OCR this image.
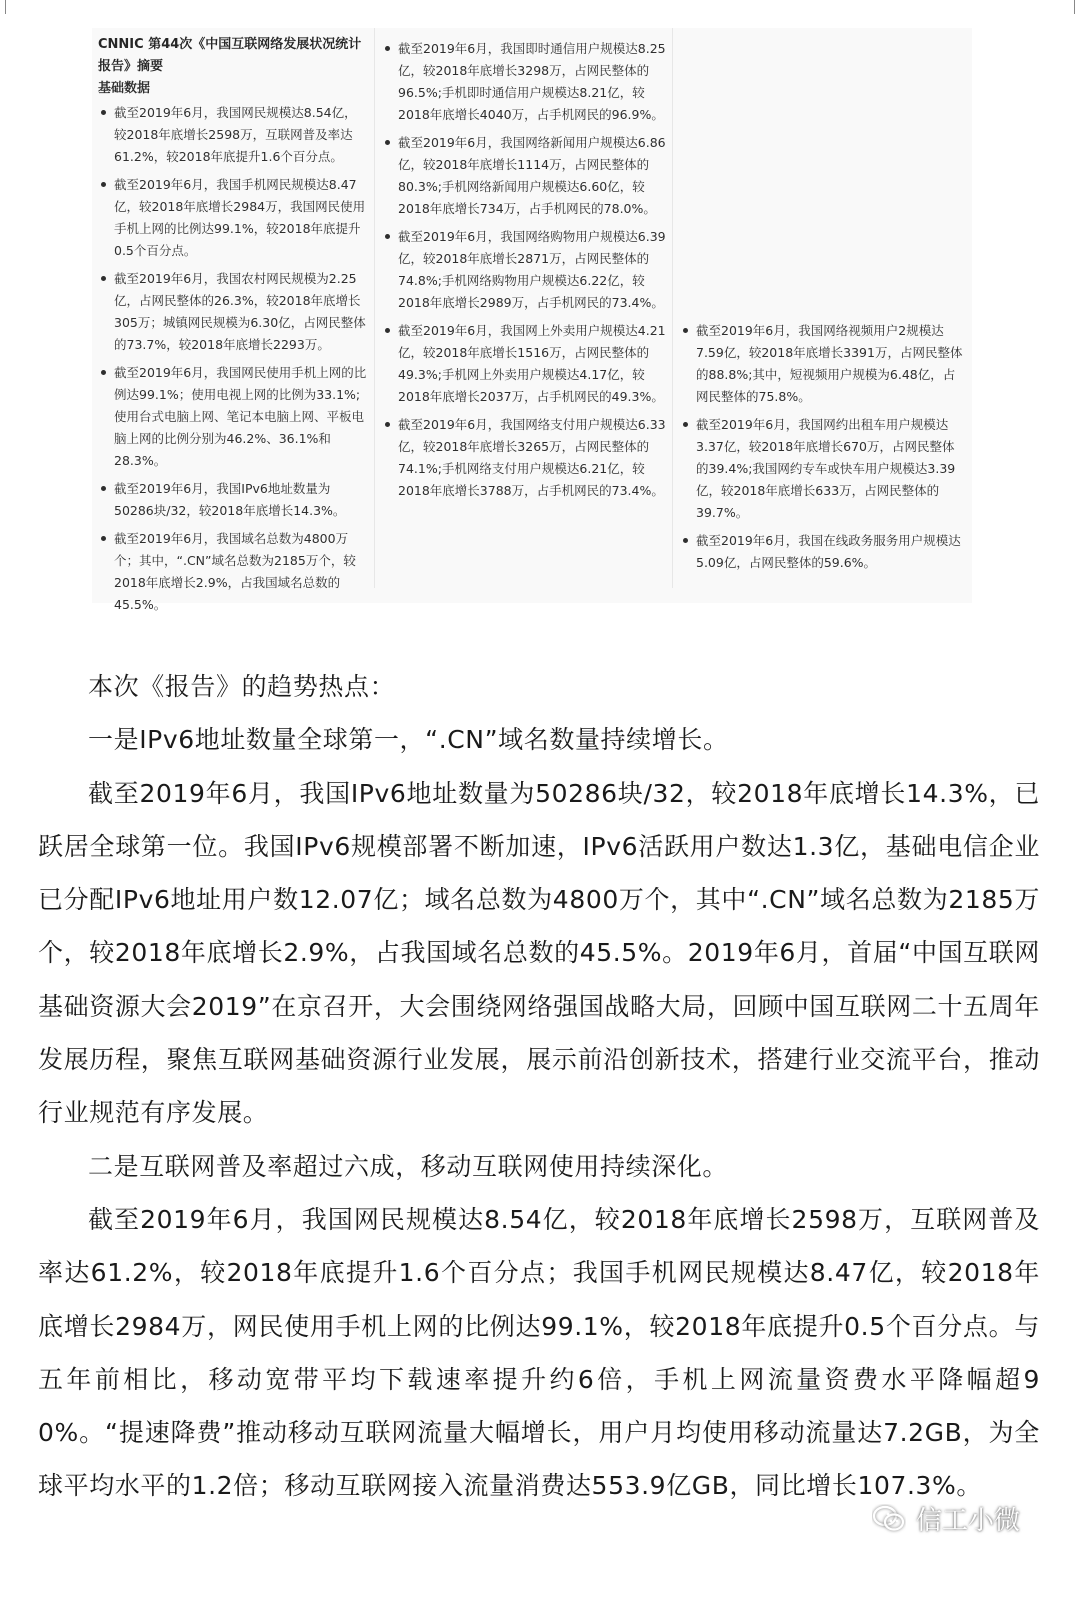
CNNIC 第44次《中国互联网络发展状况统计报告》摘要

基础数据

截至2019年6月，我国网民规模达8.54亿，较2018年底增长2598万，互联网普及率达61.2%，较2018年底提升1.6个百分点。
截至2019年6月，我国手机网民规模达8.47亿，较2018年底增长2984万，我国网民使用手机上网的比例达99.1%，较2018年底提升0.5个百分点。
截至2019年6月，我国农村网民规模为2.25亿，占网民整体的26.3%，较2018年底增长305万；城镇网民规模为6.30亿，占网民整体的73.7%，较2018年底增长2293万。
截至2019年6月，我国网民使用手机上网的比例达99.1%；使用电视上网的比例为33.1%;使用台式电脑上网、笔记本电脑上网、平板电脑上网的比例分别为46.2%、36.1%和28.3%。
截至2019年6月，我国IPv6地址数量为50286块/32，较2018年底增长14.3%。
截至2019年6月，我国域名总数为4800万个；其中，“.CN”域名总数为2185万个，较2018年底增长2.9%，占我国域名总数的45.5%。
截至2019年6月，我国即时通信用户规模达8.25亿，较2018年底增长3298万，占网民整体的96.5%;手机即时通信用户规模达8.21亿，较2018年底增长4040万，占手机网民的96.9%。
截至2019年6月，我国网络新闻用户规模达6.86亿，较2018年底增长1114万，占网民整体的80.3%;手机网络新闻用户规模达6.60亿，较2018年底增长734万，占手机网民的78.0%。
截至2019年6月，我国网络购物用户规模达6.39亿，较2018年底增长2871万，占网民整体的74.8%;手机网络购物用户规模达6.22亿，较2018年底增长2989万，占手机网民的73.4%。
截至2019年6月，我国网上外卖用户规模达4.21亿，较2018年底增长1516万，占网民整体的49.3%;手机网上外卖用户规模达4.17亿，较2018年底增长2037万，占手机网民的49.3%。
截至2019年6月，我国网络支付用户规模达6.33亿，较2018年底增长3265万，占网民整体的74.1%;手机网络支付用户规模达6.21亿，较2018年底增长3788万，占手机网民的73.4%。
截至2019年6月，我国网络视频用户2规模达7.59亿，较2018年底增长3391万，占网民整体的88.8%;其中，短视频用户规模为6.48亿，占网民整体的75.8%。
截至2019年6月，我国网约出租车用户规模达3.37亿，较2018年底增长670万，占网民整体的39.4%;我国网约专车或快车用户规模达3.39亿，较2018年底增长633万，占网民整体的39.7%。
截至2019年6月，我国在线政务服务用户规模达5.09亿，占网民整体的59.6%。

本次《报告》的趋势热点：

一是IPv6地址数量全球第一，“.CN”域名数量持续增长。

截至2019年6月，我国IPv6地址数量为50286块/32，较2018年底增长14.3%，已跃居全球第一位。我国IPv6规模部署不断加速，IPv6活跃用户数达1.3亿，基础电信企业已分配IPv6地址用户数12.07亿；域名总数为4800万个，其中“.CN”域名总数为2185万个，较2018年底增长2.9%，占我国域名总数的45.5%。2019年6月，首届“中国互联网基础资源大会2019”在京召开，大会围绕网络强国战略大局，回顾中国互联网二十五周年发展历程，聚焦互联网基础资源行业发展，展示前沿创新技术，搭建行业交流平台，推动行业规范有序发展。

二是互联网普及率超过六成，移动互联网使用持续深化。

截至2019年6月，我国网民规模达8.54亿，较2018年底增长2598万，互联网普及率达61.2%，较2018年底提升1.6个百分点；我国手机网民规模达8.47亿，较2018年底增长2984万，网民使用手机上网的比例达99.1%，较2018年底提升0.5个百分点。与五年前相比，移动宽带平均下载速率提升约6倍，手机上网流量资费水平降幅超90%。“提速降费”推动移动互联网流量大幅增长，用户月均使用移动流量达7.2GB，为全球平均水平的1.2倍；移动互联网接入流量消费达553.9亿GB，同比增长107.3%。

信工小微
